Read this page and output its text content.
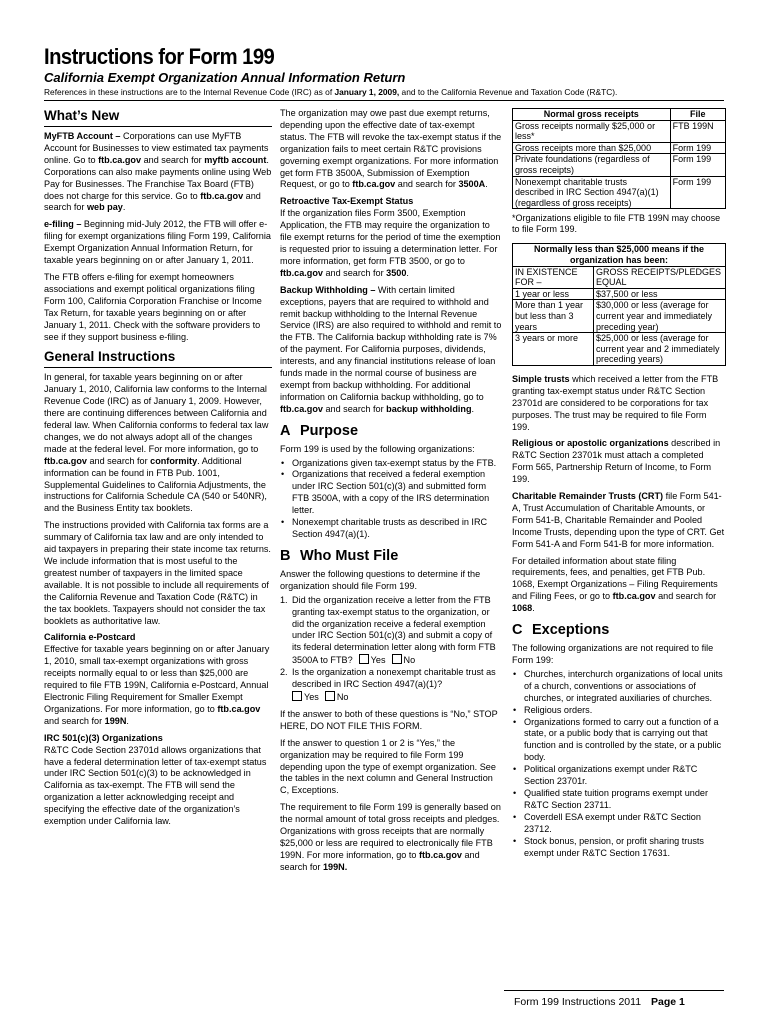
Instructions for Form 199
California Exempt Organization Annual Information Return
References in these instructions are to the Internal Revenue Code (IRC) as of January 1, 2009, and to the California Revenue and Taxation Code (R&TC).
What’s New

MyFTB Account – Corporations can use MyFTB Account for Businesses to view estimated tax payments online. Go to ftb.ca.gov and search for myftb account. Corporations can also make payments online using Web Pay for Businesses. The Franchise Tax Board (FTB) does not charge for this service. Go to ftb.ca.gov and search for web pay.

e-filing – Beginning mid-July 2012, the FTB will offer e-filing for exempt organizations filing Form 199, California Exempt Organization Annual Information Return, for taxable years beginning on or after January 1, 2011.

The FTB offers e-filing for exempt homeowners associations and exempt political organizations filing Form 100, California Corporation Franchise or Income Tax Return, for taxable years beginning on or after January 1, 2011. Check with the software providers to see if they support business e-filing.

General Instructions

In general, for taxable years beginning on or after January 1, 2010, California law conforms to the Internal Revenue Code (IRC) as of January 1, 2009. However, there are continuing differences between California and federal law. When California conforms to federal tax law changes, we do not always adopt all of the changes made at the federal level. For more information, go to ftb.ca.gov and search for conformity. Additional information can be found in FTB Pub. 1001, Supplemental Guidelines to California Adjustments, the instructions for California Schedule CA (540 or 540NR), and the Business Entity tax booklets.

The instructions provided with California tax forms are a summary of California tax law and are only intended to aid taxpayers in preparing their state income tax returns. We include information that is most useful to the greatest number of taxpayers in the limited space available. It is not possible to include all requirements of the California Revenue and Taxation Code (R&TC) in the tax booklets. Taxpayers should not consider the tax booklets as authoritative law.

California e-Postcard

Effective for taxable years beginning on or after January 1, 2010, small tax-exempt organizations with gross receipts normally equal to or less than $25,000 are required to file FTB 199N, California e-Postcard, Annual Electronic Filing Requirement for Smaller Exempt Organizations. For more information, go to ftb.ca.gov and search for 199N.

IRC 501(c)(3) Organizations

R&TC Code Section 23701d allows organizations that have a federal determination letter of tax-exempt status under IRC Section 501(c)(3) to be acknowledged in California as tax-exempt. The FTB will send the organization a letter acknowledging receipt and specifying the effective date of the organization’s exemption under California law.

The organization may owe past due exempt returns, depending upon the effective date of tax-exempt status. The FTB will revoke the tax-exempt status if the organization fails to meet certain R&TC provisions governing exempt organizations. For more information get form FTB 3500A, Submission of Exemption Request, or go to ftb.ca.gov and search for 3500A.

Retroactive Tax-Exempt Status

If the organization files Form 3500, Exemption Application, the FTB may require the organization to file exempt returns for the period of time the exemption is requested prior to issuing a determination letter. For more information, get form FTB 3500, or go to ftb.ca.gov and search for 3500.

Backup Withholding – With certain limited exceptions, payers that are required to withhold and remit backup withholding to the Internal Revenue Service (IRS) are also required to withhold and remit to the FTB. The California backup withholding rate is 7% of the payment. For California purposes, dividends, interests, and any financial institutions release of loan funds made in the normal course of business are exempt from backup withholding. For additional information on California backup withholding, go to ftb.ca.gov and search for backup withholding.

A Purpose

Form 199 is used by the following organizations:

• Organizations given tax-exempt status by the FTB.
• Organizations that received a federal exemption under IRC Section 501(c)(3) and submitted form FTB 3500A, with a copy of the IRS determination letter.
• Nonexempt charitable trusts as described in IRC Section 4947(a)(1).
B Who Must File

Answer the following questions to determine if the organization should file Form 199.

1. Did the organization receive a letter from the FTB granting tax-exempt status to the organization, or did the organization receive a federal exemption under IRC Section 501(c)(3) and submit a copy of its federal determination letter along with form FTB 3500A to FTB? Yes No
2. Is the organization a nonexempt charitable trust as described in IRC Section 4947(a)(1)?
Yes No

If the answer to both of these questions is “No,” STOP HERE, DO NOT FILE THIS FORM.

If the answer to question 1 or 2 is “Yes,” the organization may be required to file Form 199 depending upon the type of exempt organization. See the tables in the next column and General Instruction C, Exceptions.

The requirement to file Form 199 is generally based on the normal amount of total gross receipts and pledges. Organizations with gross receipts that are normally $25,000 or less are required to electronically file FTB 199N. For more information, go to ftb.ca.gov and search for 199N.

Normal gross receipts	File
Gross receipts normally $25,000 or less*	FTB 199N
Gross receipts more than $25,000	Form 199
Private foundations (regardless of gross receipts)	Form 199
Nonexempt charitable trusts described in IRC Section 4947(a)(1) (regardless of gross receipts)	Form 199
*Organizations eligible to file FTB 199N may choose to file Form 199.
Normally less than $25,000 means if the organization has been:	
IN EXISTENCE FOR –	GROSS RECEIPTS/PLEDGES EQUAL
1 year or less	$37,500 or less
More than 1 year but less than 3 years	$30,000 or less (average for current year and immediately preceding year)
3 years or more	$25,000 or less (average for current year and 2 immediately preceding years)

Simple trusts which received a letter from the FTB granting tax-exempt status under R&TC Section 23701d are considered to be corporations for tax purposes. The trust may be required to file Form 199.

Religious or apostolic organizations described in R&TC Section 23701k must attach a completed Form 565, Partnership Return of Income, to Form 199.

Charitable Remainder Trusts (CRT) file Form 541-A, Trust Accumulation of Charitable Amounts, or Form 541-B, Charitable Remainder and Pooled Income Trusts, depending upon the type of CRT. Get Form 541-A and Form 541-B for more information.

For detailed information about state filing requirements, fees, and penalties, get FTB Pub. 1068, Exempt Organizations – Filing Requirements and Filing Fees, or go to ftb.ca.gov and search for 1068.

C Exceptions

The following organizations are not required to file Form 199:

• Churches, interchurch organizations of local units of a church, conventions or associations of churches, or integrated auxiliaries of churches.
• Religious orders.
• Organizations formed to carry out a function of a state, or a public body that is carrying out that function and is controlled by the state, or a public body.
• Political organizations exempt under R&TC Section 23701r.
• Qualified state tuition programs exempt under R&TC Section 23711.
• Coverdell ESA exempt under R&TC Section 23712.
• Stock bonus, pension, or profit sharing trusts exempt under R&TC Section 17631.
Form 199 Instructions 2011 Page 1
